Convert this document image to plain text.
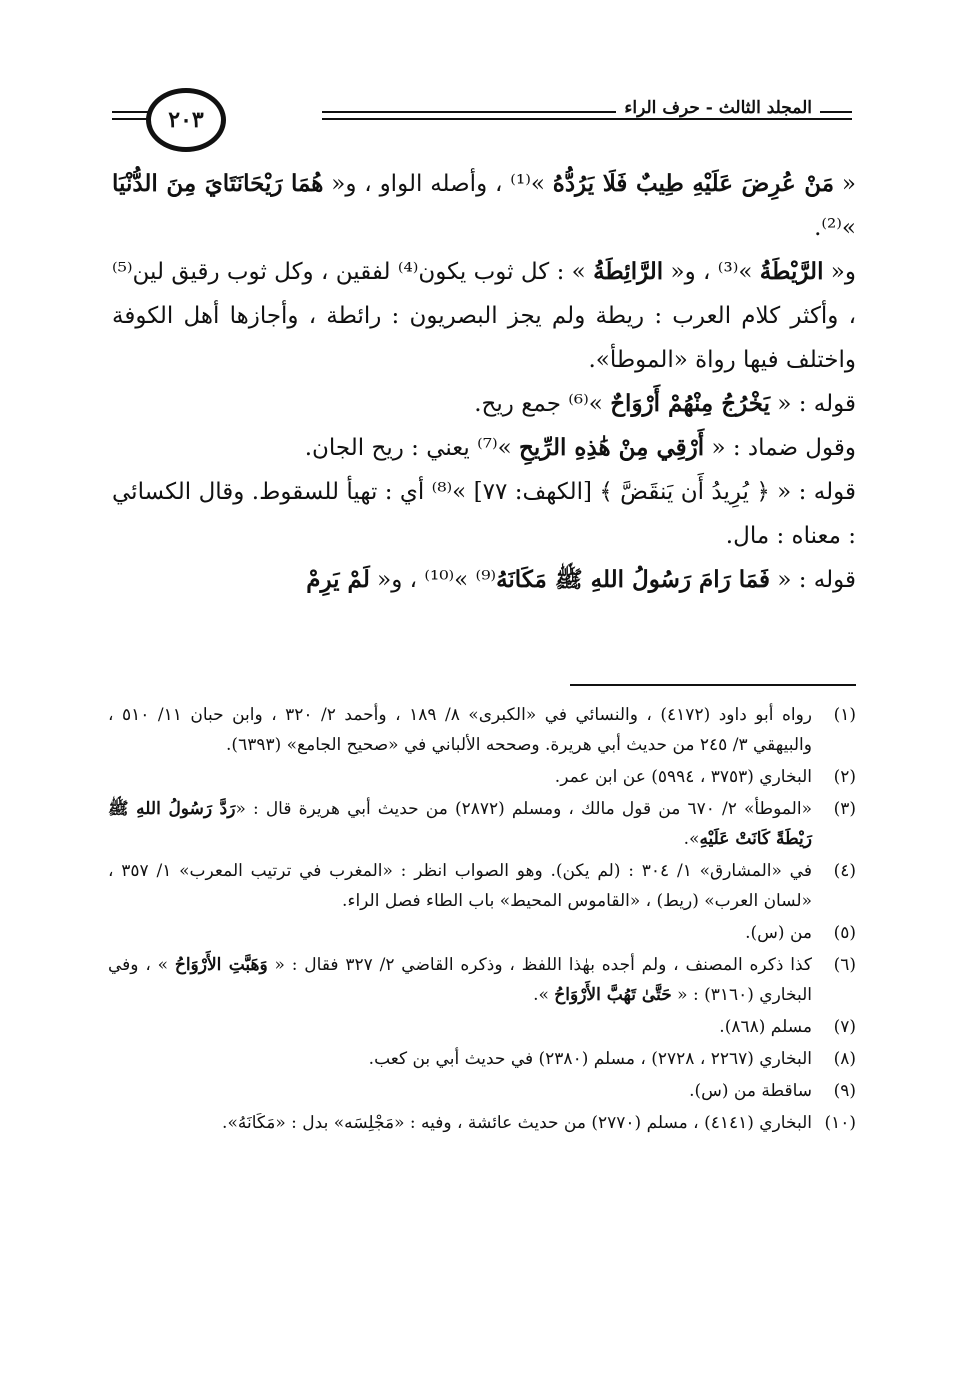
٢٠٣	المجلد الثالث - حرف الراء

« مَنْ عُرِضَ عَلَيْهِ طِيبٌ فَلَا يَرُدُّهُ »⁽¹⁾ ، وأصله الواو ، و« هُمَا رَيْحَانَتَايَ مِنَ الدُّنْيَا »⁽²⁾.

و« الرَّيْطَةُ »⁽³⁾ ، و« الرَّائِطَةُ » : كل ثوب يكون⁽⁴⁾ لفقين ، وكل ثوب رقيق لين⁽⁵⁾ ، وأكثر كلام العرب : ريطة ولم يجز البصريون : رائطة ، وأجازها أهل الكوفة واختلف فيها رواة «الموطأ».

قوله : « يَخْرُجُ مِنْهُمْ أَرْوَاحٌ »⁽⁶⁾ جمع ريح.

وقول ضماد : « أَرْقِي مِنْ هَٰذِهِ الرِّيحِ »⁽⁷⁾ يعني : ريح الجان.

قوله : « ﴿ يُرِيدُ أَن يَنقَضَّ ﴾ [الكهف: ٧٧] »⁽⁸⁾ أي : تهيأ للسقوط. وقال الكسائي : معناه : مال.

قوله : « فَمَا رَامَ رَسُولُ اللهِ ﷺ مَكَانَهُ⁽⁹⁾ »⁽¹⁰⁾ ، و« لَمْ يَرِمْ

(١)
رواه أبو داود (٤١٧٢) ، والنسائي في «الكبرى» ٨/ ١٨٩ ، وأحمد ٢/ ٣٢٠ ، وابن حبان ١١/ ٥١٠ ، والبيهقي ٣/ ٢٤٥ من حديث أبي هريرة. وصححه الألباني في «صحيح الجامع» (٦٣٩٣).
(٢)
البخاري (٣٧٥٣ ، ٥٩٩٤) عن ابن عمر.
(٣)
«الموطأ» ٢/ ٦٧٠ من قول مالك ، ومسلم (٢٨٧٢) من حديث أبي هريرة قال : «رَدَّ رَسُولُ اللهِ ﷺ رَيْطَةً كَانَتْ عَلَيْهِ».
(٤)
في «المشارق» ١/ ٣٠٤ : (لم يكن). وهو الصواب انظر : «المغرب في ترتيب المعرب» ١/ ٣٥٧ ، «لسان العرب» (ريط) ، «القاموس المحيط» باب الطاء فصل الراء.
(٥)
من (س).
(٦)
كذا ذكره المصنف ، ولم أجده بهٰذا اللفظ ، وذكره القاضي ٢/ ٣٢٧ فقال : « وَهَبَّتِ الأَرْوَاحُ » ، وفي البخاري (٣١٦٠) : « حَتَّىٰ تَهُبَّ الأَرْوَاحُ ».
(٧)
مسلم (٨٦٨).
(٨)
البخاري (٢٢٦٧ ، ٢٧٢٨) ، مسلم (٢٣٨٠) في حديث أبي بن كعب.
(٩)
ساقطة من (س).
(١٠)
البخاري (٤١٤١) ، مسلم (٢٧٧٠) من حديث عائشة ، وفيه : «مَجْلِسَه» بدل : «مَكَانَهُ».
